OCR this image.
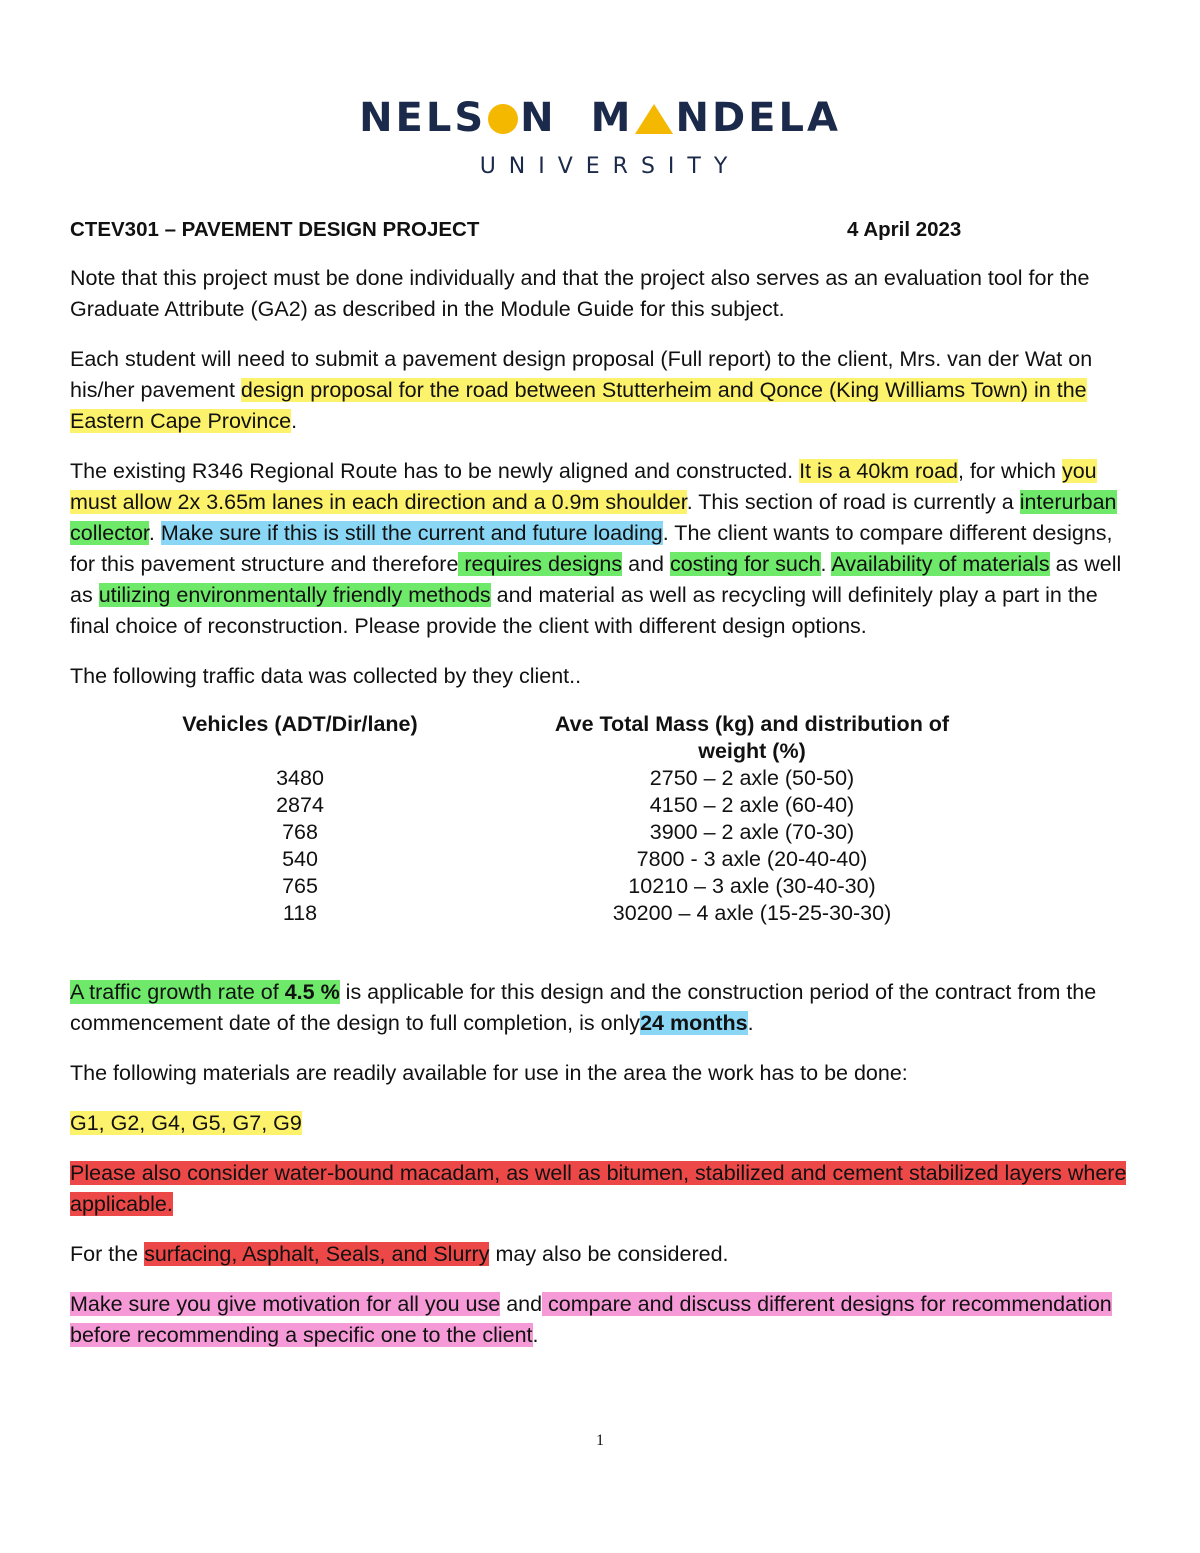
NELS N M NDELA
UNIVERSITY
CTEV301 – PAVEMENT DESIGN PROJECT	4 April 2023

Note that this project must be done individually and that the project also serves as an evaluation tool for the Graduate Attribute (GA2) as described in the Module Guide for this subject.

Each student will need to submit a pavement design proposal (Full report) to the client, Mrs. van der Wat on his/her pavement design proposal for the road between Stutterheim and Qonce (King Williams Town) in the Eastern Cape Province.

The existing R346 Regional Route has to be newly aligned and constructed. It is a 40km road, for which you must allow 2x 3.65m lanes in each direction and a 0.9m shoulder. This section of road is currently a interurban collector. Make sure if this is still the current and future loading. The client wants to compare different designs, for this pavement structure and therefore requires designs and costing for such. Availability of materials as well as utilizing environmentally friendly methods and material as well as recycling will definitely play a part in the final choice of reconstruction. Please provide the client with different design options.

The following traffic data was collected by they client..

Vehicles (ADT/Dir/lane)	Ave Total Mass (kg) and distribution of weight (%)
3480	2750 – 2 axle (50-50)
2874	4150 – 2 axle (60-40)
768	3900 – 2 axle (70-30)
540	7800 - 3 axle (20-40-40)
765	10210 – 3 axle (30-40-30)
118	30200 – 4 axle (15-25-30-30)

A traffic growth rate of 4.5 % is applicable for this design and the construction period of the contract from the commencement date of the design to full completion, is only24 months.

The following materials are readily available for use in the area the work has to be done:

G1, G2, G4, G5, G7, G9

Please also consider water-bound macadam, as well as bitumen, stabilized and cement stabilized layers where applicable.

For the surfacing, Asphalt, Seals, and Slurry may also be considered.

Make sure you give motivation for all you use and compare and discuss different designs for recommendation before recommending a specific one to the client.

1
